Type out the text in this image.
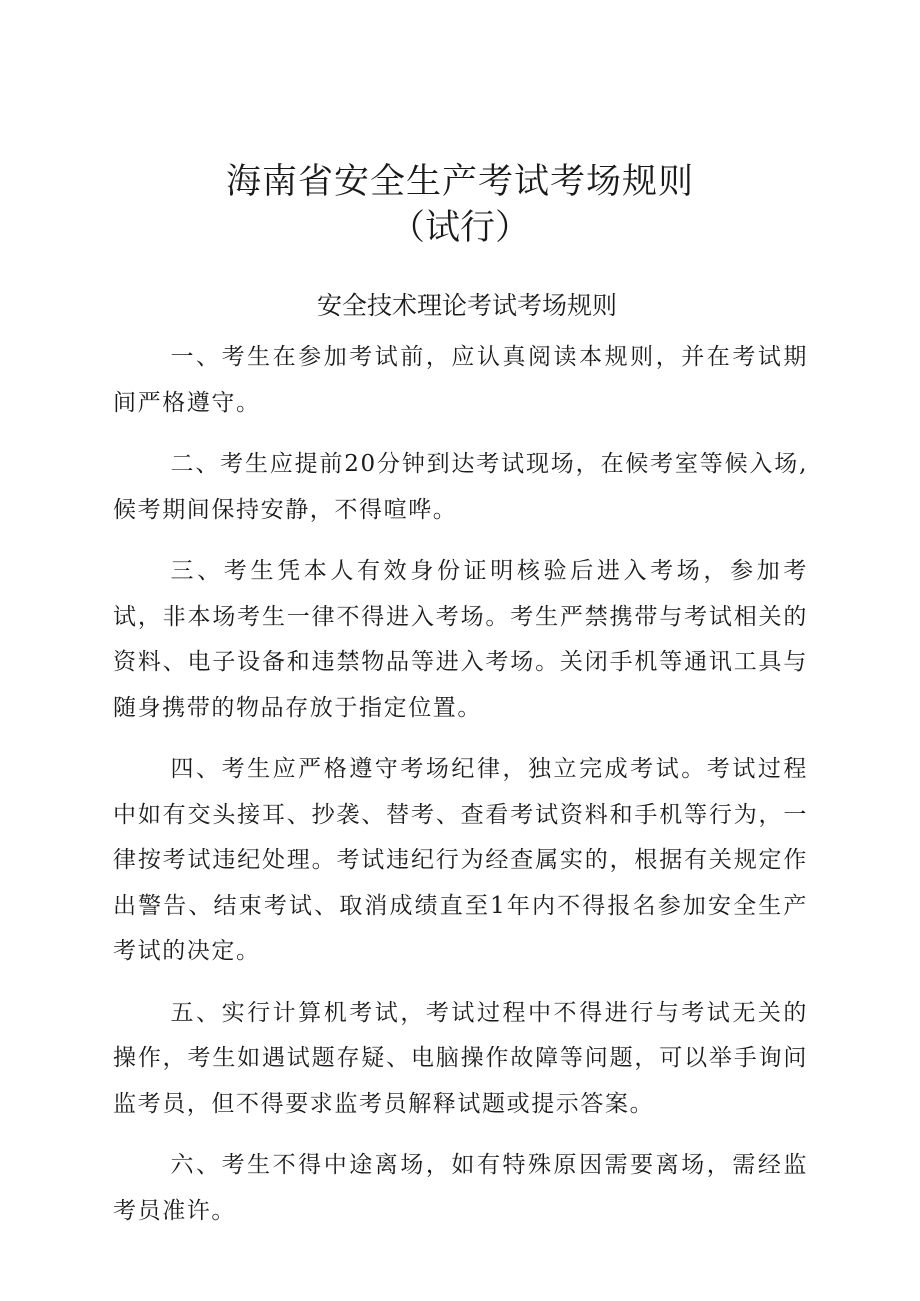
海南省安全生产考试考场规则
（试行）
安全技术理论考试考场规则

一、考生在参加考试前，应认真阅读本规则，并在考试期间严格遵守。

二、考生应提前20分钟到达考试现场，在候考室等候入场,候考期间保持安静，不得喧哗。

三、考生凭本人有效身份证明核验后进入考场，参加考试，非本场考生一律不得进入考场。考生严禁携带与考试相关的资料、电子设备和违禁物品等进入考场。关闭手机等通讯工具与随身携带的物品存放于指定位置。

四、考生应严格遵守考场纪律，独立完成考试。考试过程中如有交头接耳、抄袭、替考、查看考试资料和手机等行为，一律按考试违纪处理。考试违纪行为经查属实的，根据有关规定作出警告、结束考试、取消成绩直至1年内不得报名参加安全生产考试的决定。

五、实行计算机考试，考试过程中不得进行与考试无关的操作，考生如遇试题存疑、电脑操作故障等问题，可以举手询问监考员，但不得要求监考员解释试题或提示答案。

六、考生不得中途离场，如有特殊原因需要离场，需经监考员准许。
